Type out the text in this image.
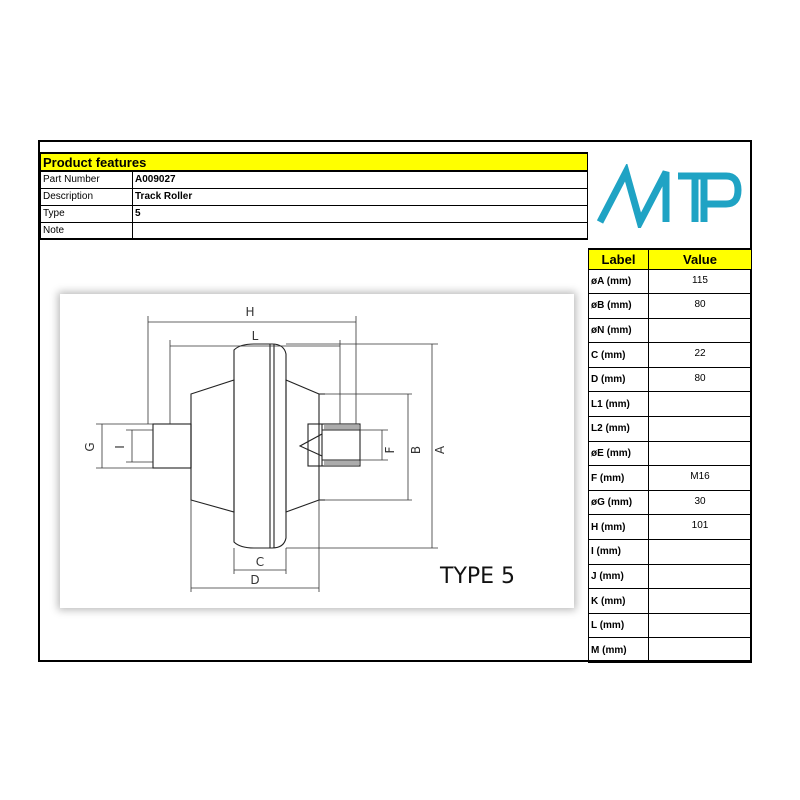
Product features	
Part Number	A009027
Description	Track Roller
Type	5
Note	
Label	Value
øA (mm)	115
øB (mm)	80
øN (mm)	
C (mm)	22
D (mm)	80
L1 (mm)	
L2 (mm)	
øE (mm)	
F (mm)	M16
øG (mm)	30
H (mm)	101
I (mm)	
J (mm)	
K (mm)	
L (mm)	
M (mm)	
H
L
C
D
A
B
F
G I
TYPE 5
